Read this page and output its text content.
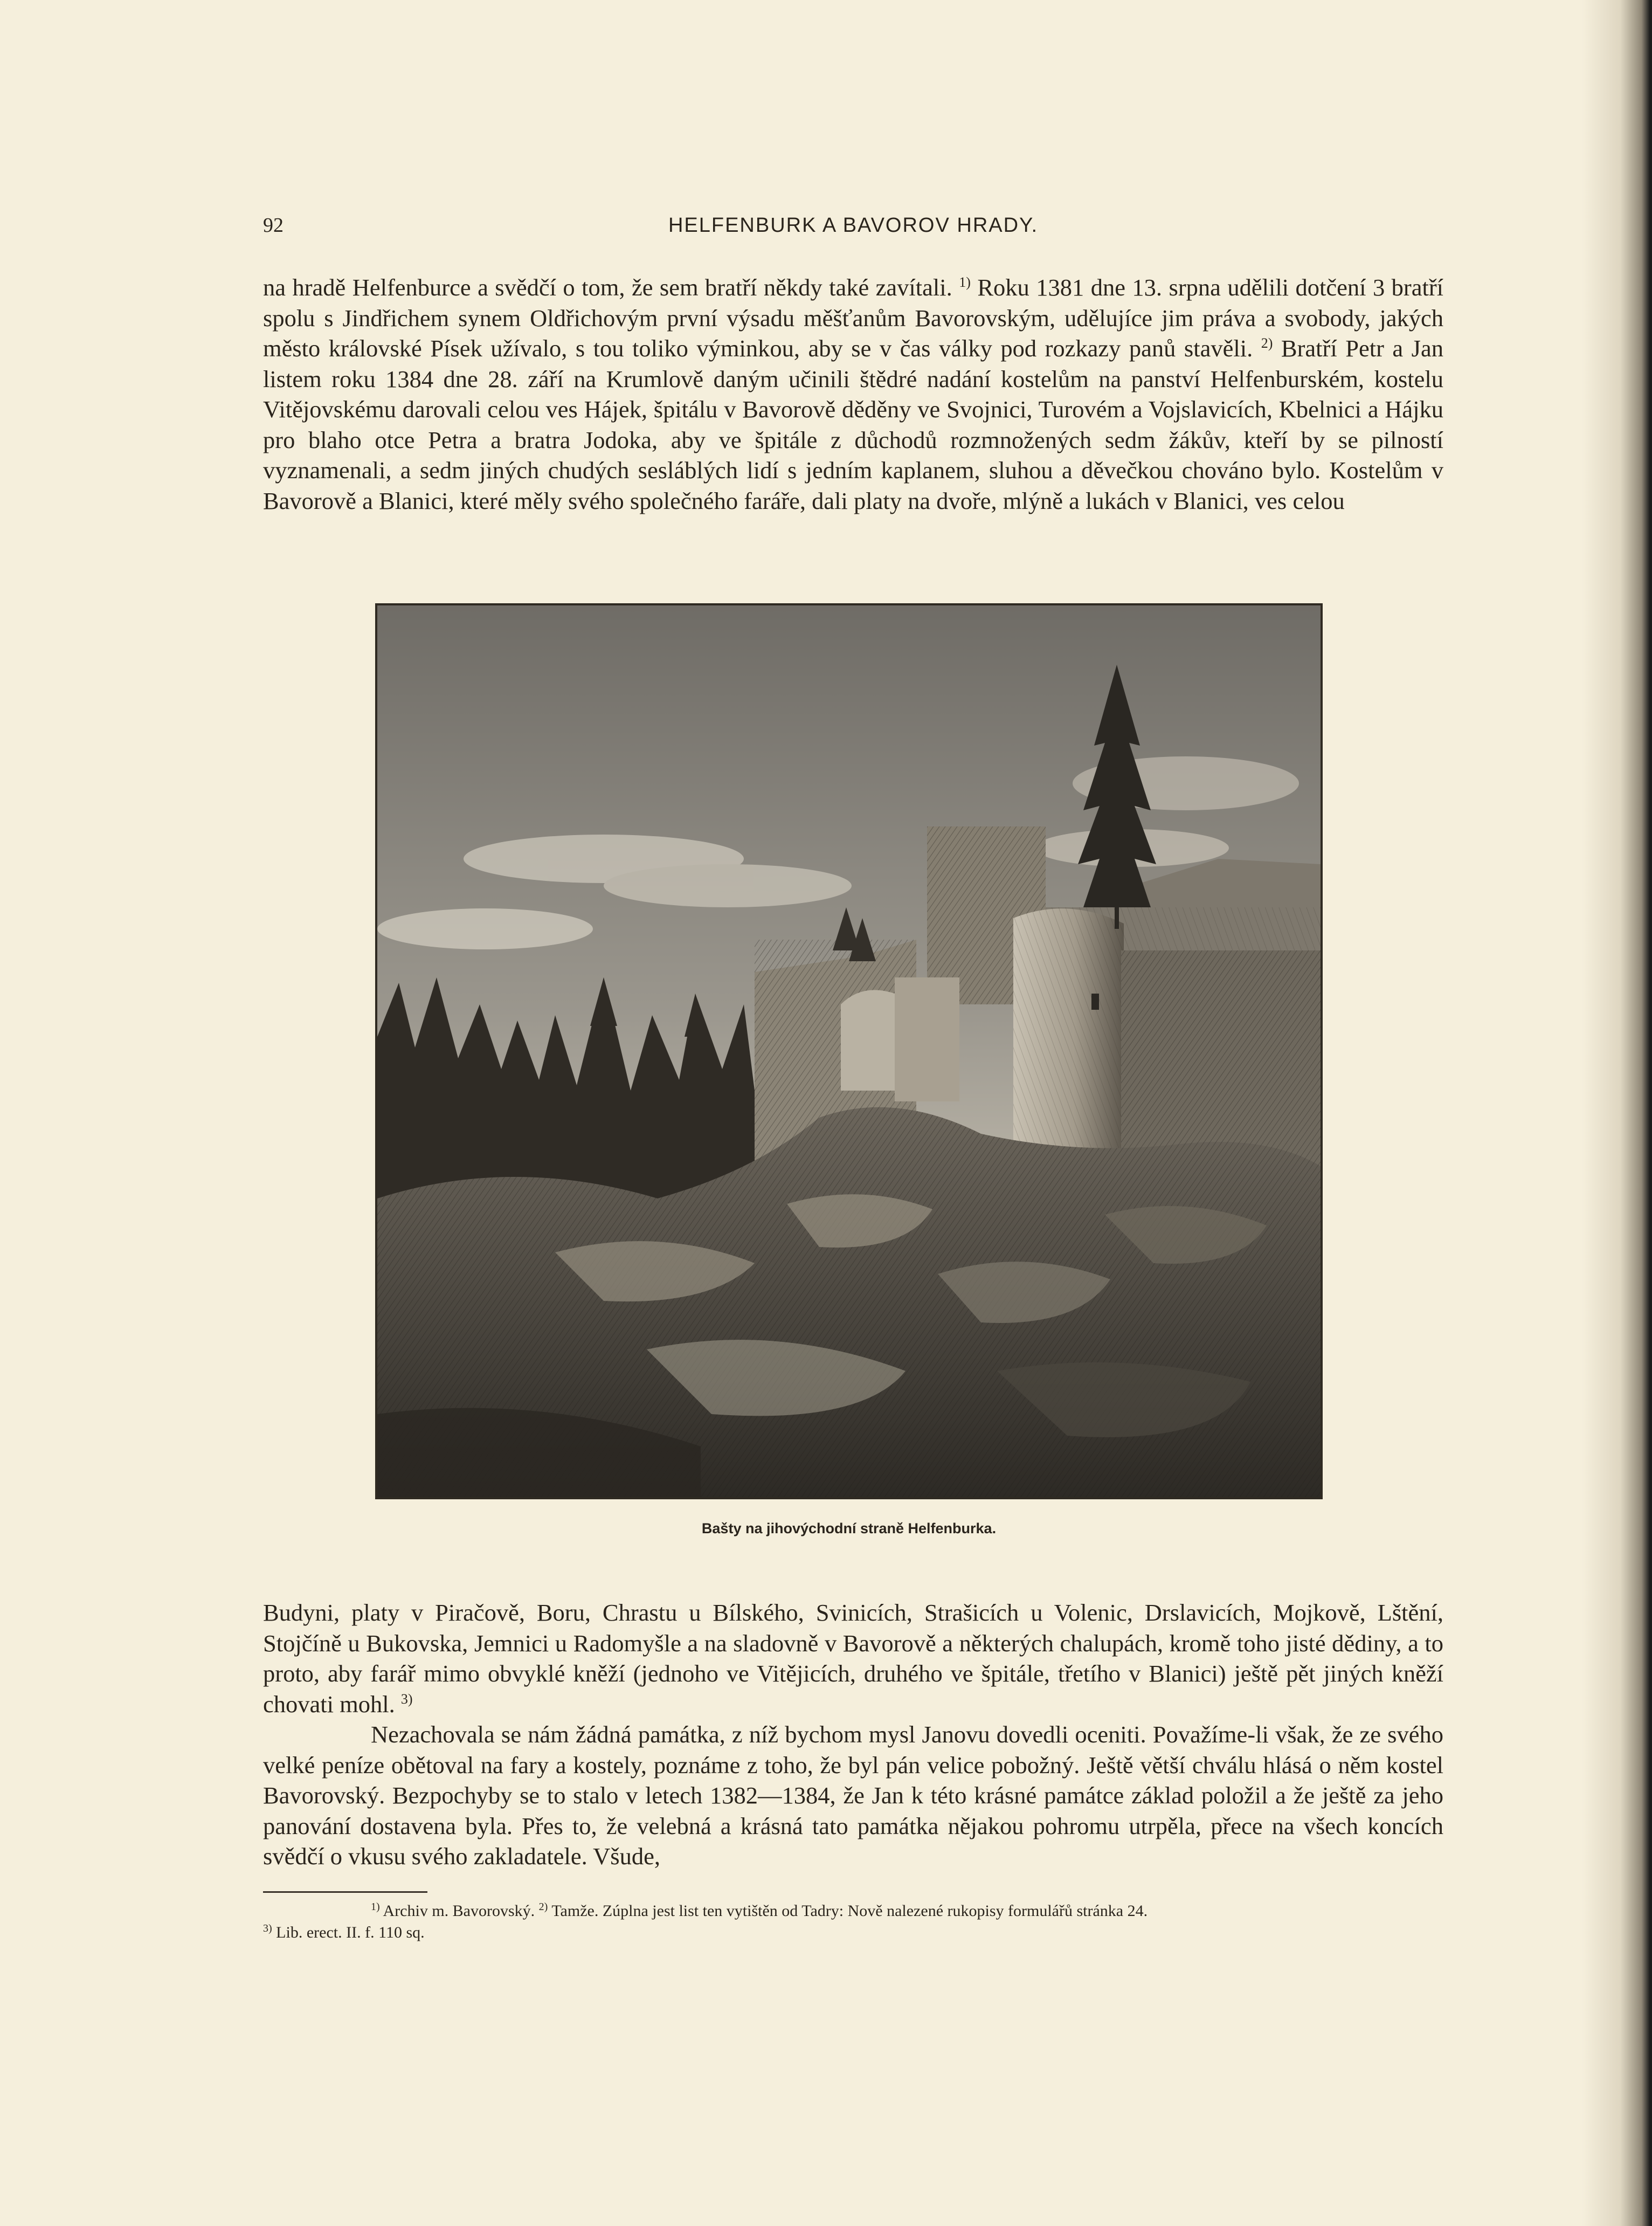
92	HELFENBURK A BAVOROV HRADY.

na hradě Helfenburce a svědčí o tom, že sem bratří někdy také zavítali. $^{1)}$ Roku 1381 dne 13. srpna udělili dotčení 3 bratří spolu s Jindřichem synem Oldřichovým první výsadu měšťanům Bavorovským, udělujíce jim práva a svobody, jakých město královské Písek užívalo, s tou toliko výminkou, aby se v čas války pod rozkazy panů stavěli. $^{2)}$ Bratří Petr a Jan listem roku 1384 dne 28. září na Krumlově daným učinili štědré nadání kostelům na panství Helfenburském, kostelu Vitějovskému darovali celou ves Hájek, špitálu v Bavorově děděny ve Svojnici, Turovém a Vojslavicích, Kbelnici a Hájku pro blaho otce Petra a bratra Jodoka, aby ve špitále z důchodů rozmnožených sedm žákův, kteří by se pilností vyznamenali, a sedm jiných chudých sesláblých lidí s jedním kaplanem, sluhou a děvečkou chováno bylo. Kostelům v Bavorově a Blanici, které měly svého společného faráře, dali platy na dvoře, mlýně a lukách v Blanici, ves celou

Bašty na jihovýchodní straně Helfenburka.

Budyni, platy v Piračově, Boru, Chrastu u Bílského, Svinicích, Strašicích u Volenic, Drslavicích, Mojkově, Lštění, Stojčíně u Bukovska, Jemnici u Radomyšle a na sladovně v Bavorově a některých chalupách, kromě toho jisté dědiny, a to proto, aby farář mimo obvyklé kněží (jednoho ve Vitějicích, druhého ve špitále, třetího v Blanici) ještě pět jiných kněží chovati mohl. $^{3)}$

Nezachovala se nám žádná památka, z níž bychom mysl Janovu dovedli oceniti. Považíme-li však, že ze svého velké peníze obětoval na fary a kostely, poznáme z toho, že byl pán velice pobožný. Ještě větší chválu hlásá o něm kostel Bavorovský. Bezpochyby se to stalo v letech 1382—1384, že Jan k této krásné památce základ položil a že ještě za jeho panování dostavena byla. Přes to, že velebná a krásná tato památka nějakou pohromu utrpěla, přece na všech koncích svědčí o vkusu svého zakladatele. Všude,

$^{1)}$ Archiv m. Bavorovský. $^{2)}$ Tamže. Zúplna jest list ten vytištěn od Tadry: Nově nalezené rukopisy formulářů stránka 24.

$^{3)}$ Lib. erect. II. f. 110 sq.
